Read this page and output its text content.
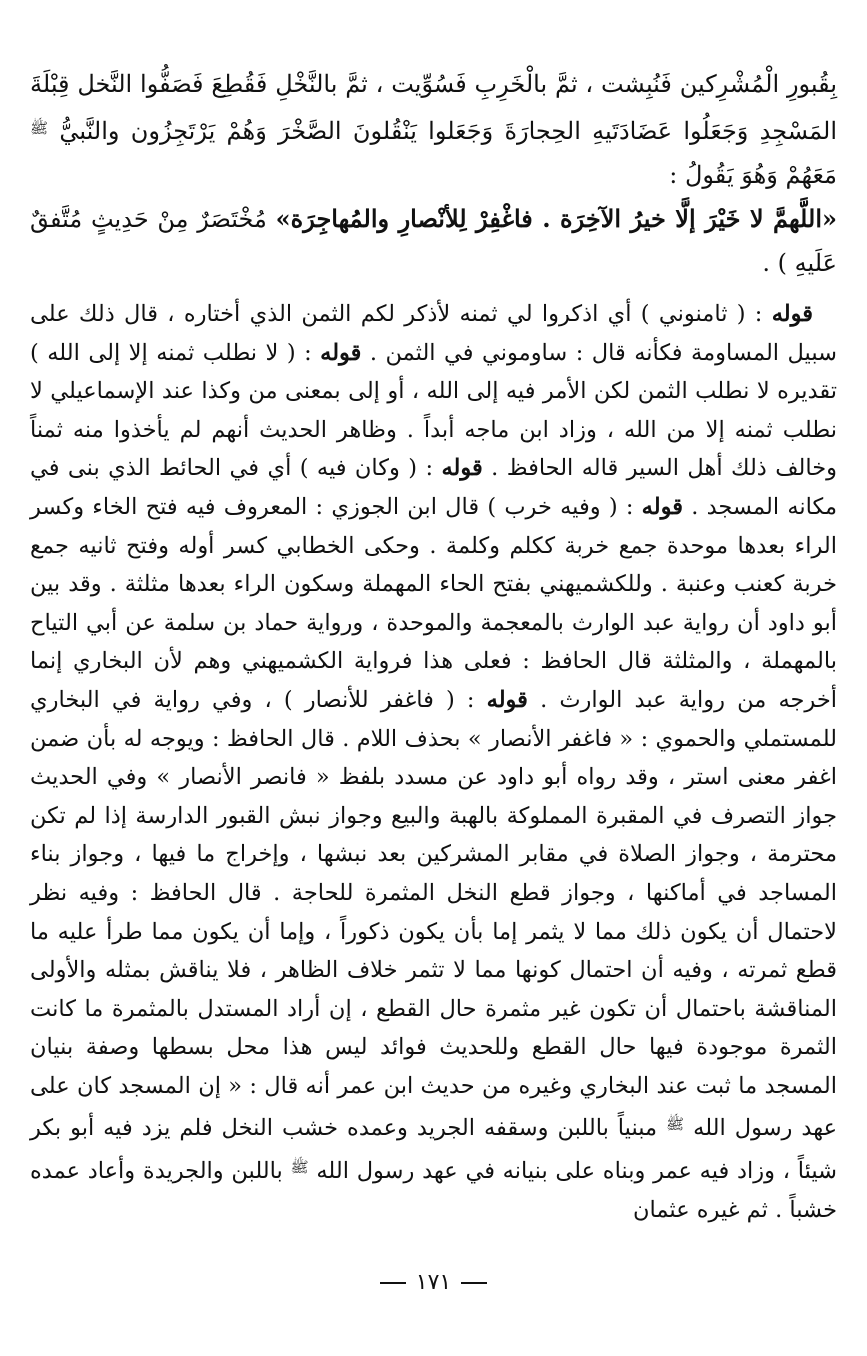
بِقُبورِ الْمُشْرِكين فَنُبِشت ، ثمَّ بالْخَرِبِ فَسُوِّيت ، ثمَّ بالنَّخْلِ فَقُطِعَ فَصَفُّوا النَّخل قِبْلَةَ المَسْجِدِ وَجَعَلُوا عَضَادَتَيهِ الحِجارَةَ وَجَعَلوا يَنْقُلونَ الصَّخْرَ وَهُمْ يَرْتَجِزُون والنَّبيُّ $^ﷺ$ مَعَهُمْ وَهُوَ يَقُولُ :
«اللَّهمَّ لا خَيْرَ إلَّا خيرُ الآخِرَة . فاغْفِرْ لِلأنْصارِ والمُهاجِرَة» مُخْتَصَرٌ مِنْ حَدِيثٍ مُتَّفقٌ عَلَيهِ ) .
قوله : ( ثامنوني ) أي اذكروا لي ثمنه لأذكر لكم الثمن الذي أختاره ، قال ذلك على سبيل المساومة فكأنه قال : ساوموني في الثمن . قوله : ( لا نطلب ثمنه إلا إلى الله ) تقديره لا نطلب الثمن لكن الأمر فيه إلى الله ، أو إلى بمعنى من وكذا عند الإسماعيلي لا نطلب ثمنه إلا من الله ، وزاد ابن ماجه أبداً . وظاهر الحديث أنهم لم يأخذوا منه ثمناً وخالف ذلك أهل السير قاله الحافظ . قوله : ( وكان فيه ) أي في الحائط الذي بنى في مكانه المسجد . قوله : ( وفيه خرب ) قال ابن الجوزي : المعروف فيه فتح الخاء وكسر الراء بعدها موحدة جمع خربة ككلم وكلمة . وحكى الخطابي كسر أوله وفتح ثانيه جمع خربة كعنب وعنبة . وللكشميهني بفتح الحاء المهملة وسكون الراء بعدها مثلثة . وقد بين أبو داود أن رواية عبد الوارث بالمعجمة والموحدة ، ورواية حماد بن سلمة عن أبي التياح بالمهملة ، والمثلثة قال الحافظ : فعلى هذا فرواية الكشميهني وهم لأن البخاري إنما أخرجه من رواية عبد الوارث . قوله : ( فاغفر للأنصار ) ، وفي رواية في البخاري للمستملي والحموي : « فاغفر الأنصار » بحذف اللام . قال الحافظ : ويوجه له بأن ضمن اغفر معنى استر ، وقد رواه أبو داود عن مسدد بلفظ « فانصر الأنصار » وفي الحديث جواز التصرف في المقبرة المملوكة بالهبة والبيع وجواز نبش القبور الدارسة إذا لم تكن محترمة ، وجواز الصلاة في مقابر المشركين بعد نبشها ، وإخراج ما فيها ، وجواز بناء المساجد في أماكنها ، وجواز قطع النخل المثمرة للحاجة . قال الحافظ : وفيه نظر لاحتمال أن يكون ذلك مما لا يثمر إما بأن يكون ذكوراً ، وإما أن يكون مما طرأ عليه ما قطع ثمرته ، وفيه أن احتمال كونها مما لا تثمر خلاف الظاهر ، فلا يناقش بمثله والأولى المناقشة باحتمال أن تكون غير مثمرة حال القطع ، إن أراد المستدل بالمثمرة ما كانت الثمرة موجودة فيها حال القطع وللحديث فوائد ليس هذا محل بسطها وصفة بنيان المسجد ما ثبت عند البخاري وغيره من حديث ابن عمر أنه قال : « إن المسجد كان على عهد رسول الله $^ﷺ$ مبنياً باللبن وسقفه الجريد وعمده خشب النخل فلم يزد فيه أبو بكر شيئاً ، وزاد فيه عمر وبناه على بنيانه في عهد رسول الله $^ﷺ$ باللبن والجريدة وأعاد عمده خشباً . ثم غيره عثمان
١٧١
